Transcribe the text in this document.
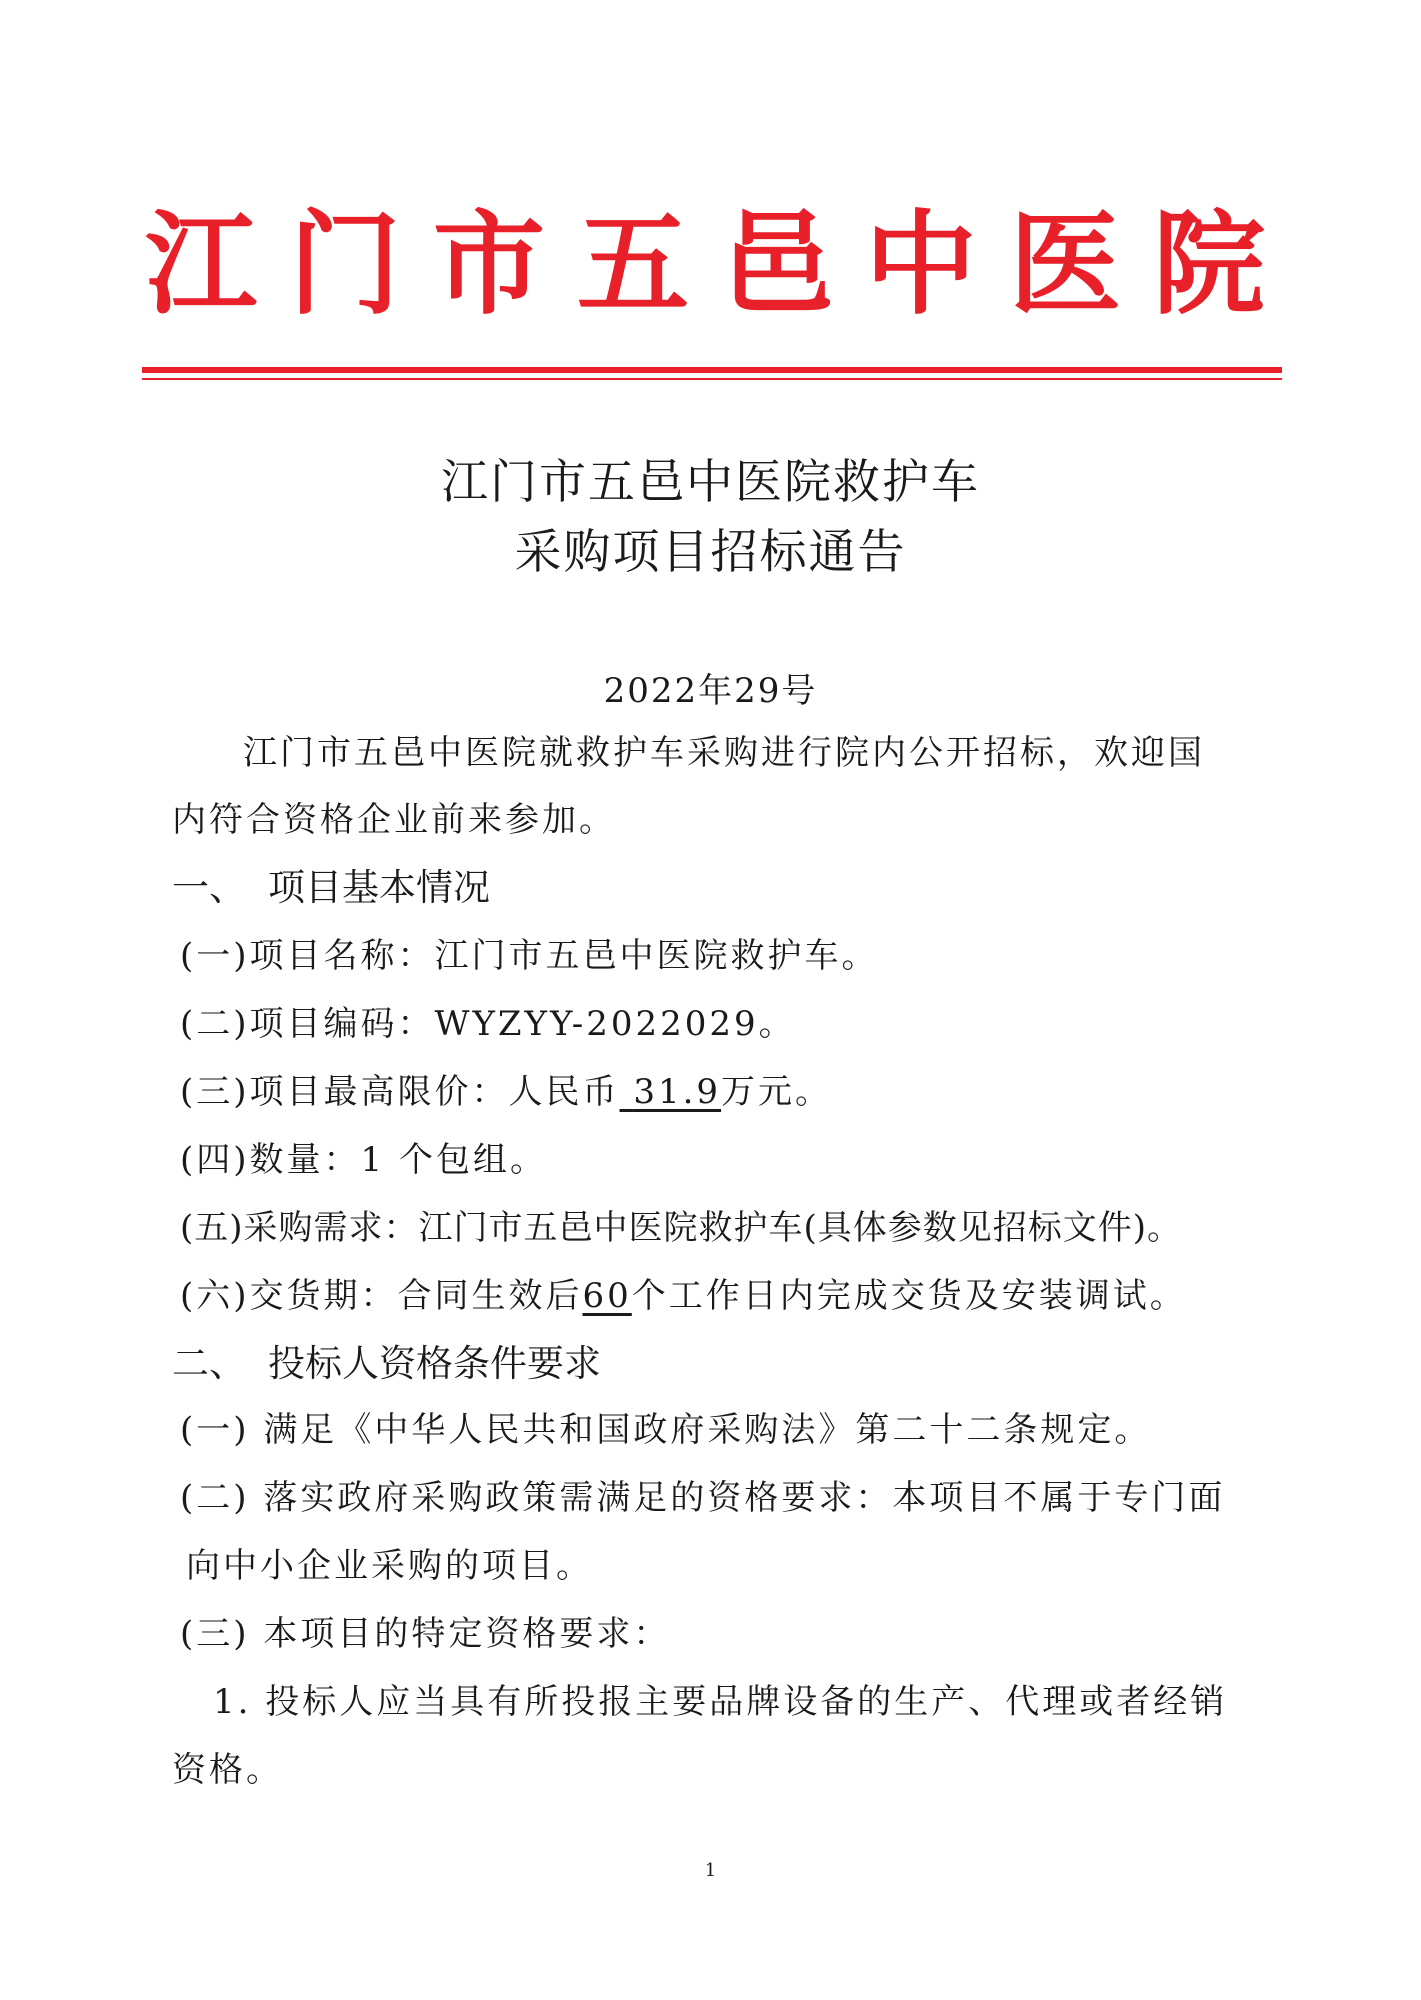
江 门 市 五 邑 中 医 院
江门市五邑中医院救护车
采购项目招标通告
2022年29号
江门市五邑中医院就救护车采购进行院内公开招标，欢迎国
内符合资格企业前来参加。
一、 项目基本情况
(一)项目名称：江门市五邑中医院救护车。
(二)项目编码：WYZYY-2022029。
(三)项目最高限价：人民币 31.9万元。
(四)数量：1 个包组。
(五)采购需求：江门市五邑中医院救护车(具体参数见招标文件)。
(六)交货期：合同生效后60个工作日内完成交货及安装调试。
二、 投标人资格条件要求
(一) 满足《中华人民共和国政府采购法》第二十二条规定。
(二) 落实政府采购政策需满足的资格要求：本项目不属于专门面
向中小企业采购的项目。
(三) 本项目的特定资格要求：
1. 投标人应当具有所投报主要品牌设备的生产、代理或者经销
资格。
1
